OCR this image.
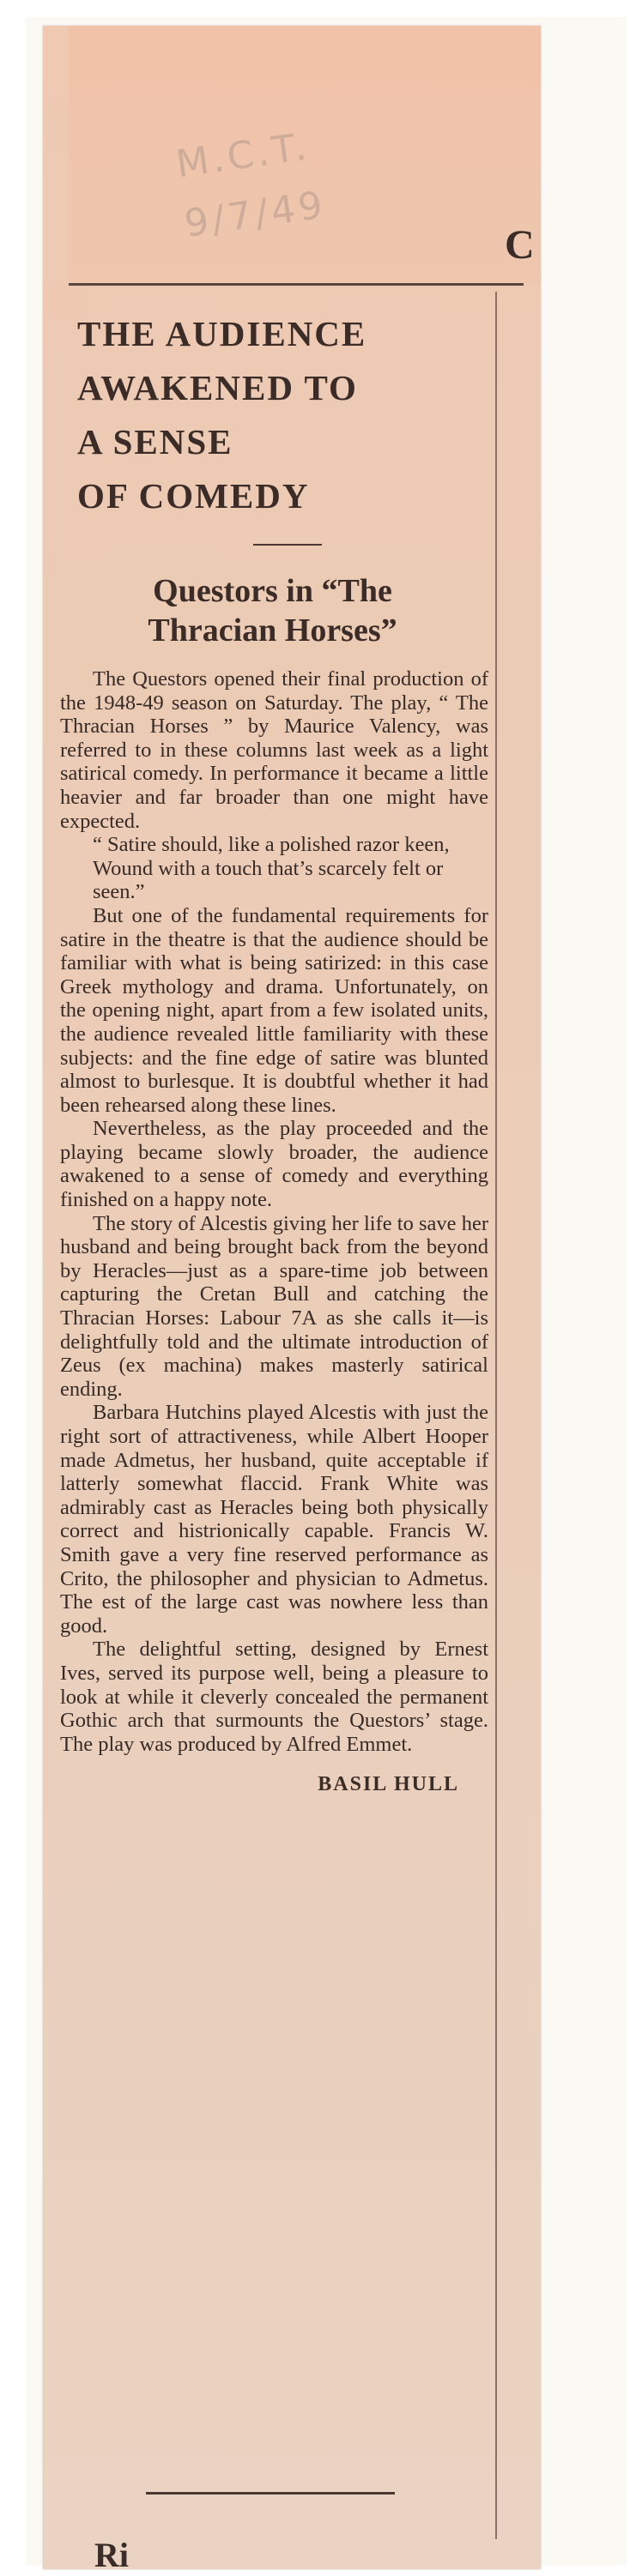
M.C.T. 9/7/49	C
THE AUDIENCE
AWAKENED TO
A SENSE
OF COMEDY
Questors in “The
Thracian Horses”

The Questors opened their final production of the 1948-49 season on Saturday. The play, “ The Thracian Horses ” by Maurice Valency, was referred to in these columns last week as a light satirical comedy. In performance it became a little heavier and far broader than one might have expected.

“ Satire should, like a polished razor keen,

Wound with a touch that’s scarcely felt or seen.”

But one of the fundamental requirements for satire in the theatre is that the audience should be familiar with what is being satirized: in this case Greek mythology and drama. Unfortunately, on the opening night, apart from a few isolated units, the audience revealed little familiarity with these subjects: and the fine edge of satire was blunted almost to burlesque. It is doubtful whether it had been rehearsed along these lines.

Nevertheless, as the play proceeded and the playing became slowly broader, the audience awakened to a sense of comedy and everything finished on a happy note.

The story of Alcestis giving her life to save her husband and being brought back from the beyond by Heracles—just as a spare-time job between capturing the Cretan Bull and catching the Thracian Horses: Labour 7A as she calls it—is delightfully told and the ultimate introduction of Zeus (ex machina) makes masterly satirical ending.

Barbara Hutchins played Alcestis with just the right sort of attractiveness, while Albert Hooper made Admetus, her husband, quite acceptable if latterly somewhat flaccid. Frank White was admirably cast as Heracles being both physically correct and histrionically capable. Francis W. Smith gave a very fine reserved performance as Crito, the philosopher and physician to Admetus. The est of the large cast was nowhere less than good.

The delightful setting, designed by Ernest Ives, served its purpose well, being a pleasure to look at while it cleverly concealed the permanent Gothic arch that surmounts the Questors’ stage. The play was produced by Alfred Emmet.

BASIL HULL
Ri
